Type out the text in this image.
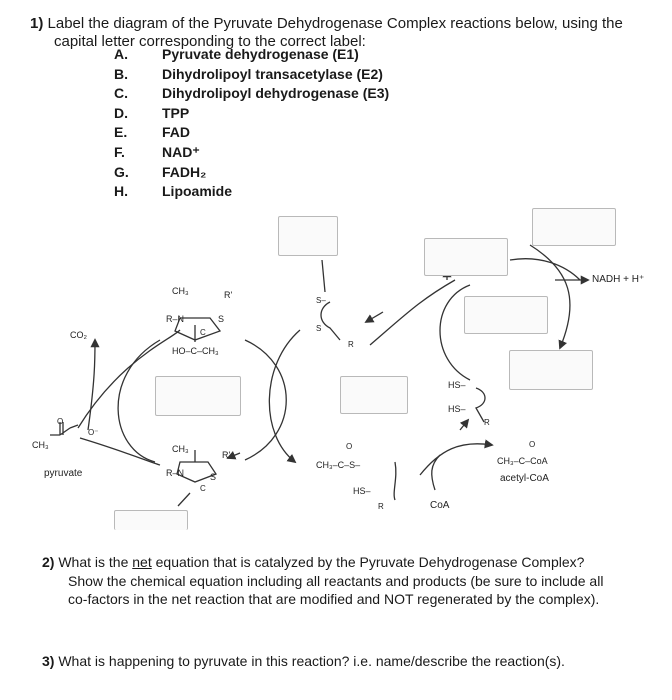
1) Label the diagram of the Pyruvate Dehydrogenase Complex reactions below, using the
capital letter corresponding to the correct label:
A.	Pyruvate dehydrogenase (E1)
B.	Dihydrolipoyl transacetylase (E2)
C.	Dihydrolipoyl dehydrogenase (E3)
D.	TPP
E.	FAD
F.	NAD⁺
G.	FADH₂
H.	Lipoamide
CO₂
CH₃
O
O⁻
pyruvate
CH₃	R'
R–N	S
C
HO–C–CH₃
CH₃
R'
R–N	S
C
S–
S
R
O
CH₃–C–S–
HS–
R
HS–
HS–
R
CoA
O
CH₃–C–CoA
acetyl-CoA
NADH + H⁺
2) What is the net equation that is catalyzed by the Pyruvate Dehydrogenase Complex?
Show the chemical equation including all reactants and products (be sure to include all
co-factors in the net reaction that are modified and NOT regenerated by the complex).
3) What is happening to pyruvate in this reaction? i.e. name/describe the reaction(s).
